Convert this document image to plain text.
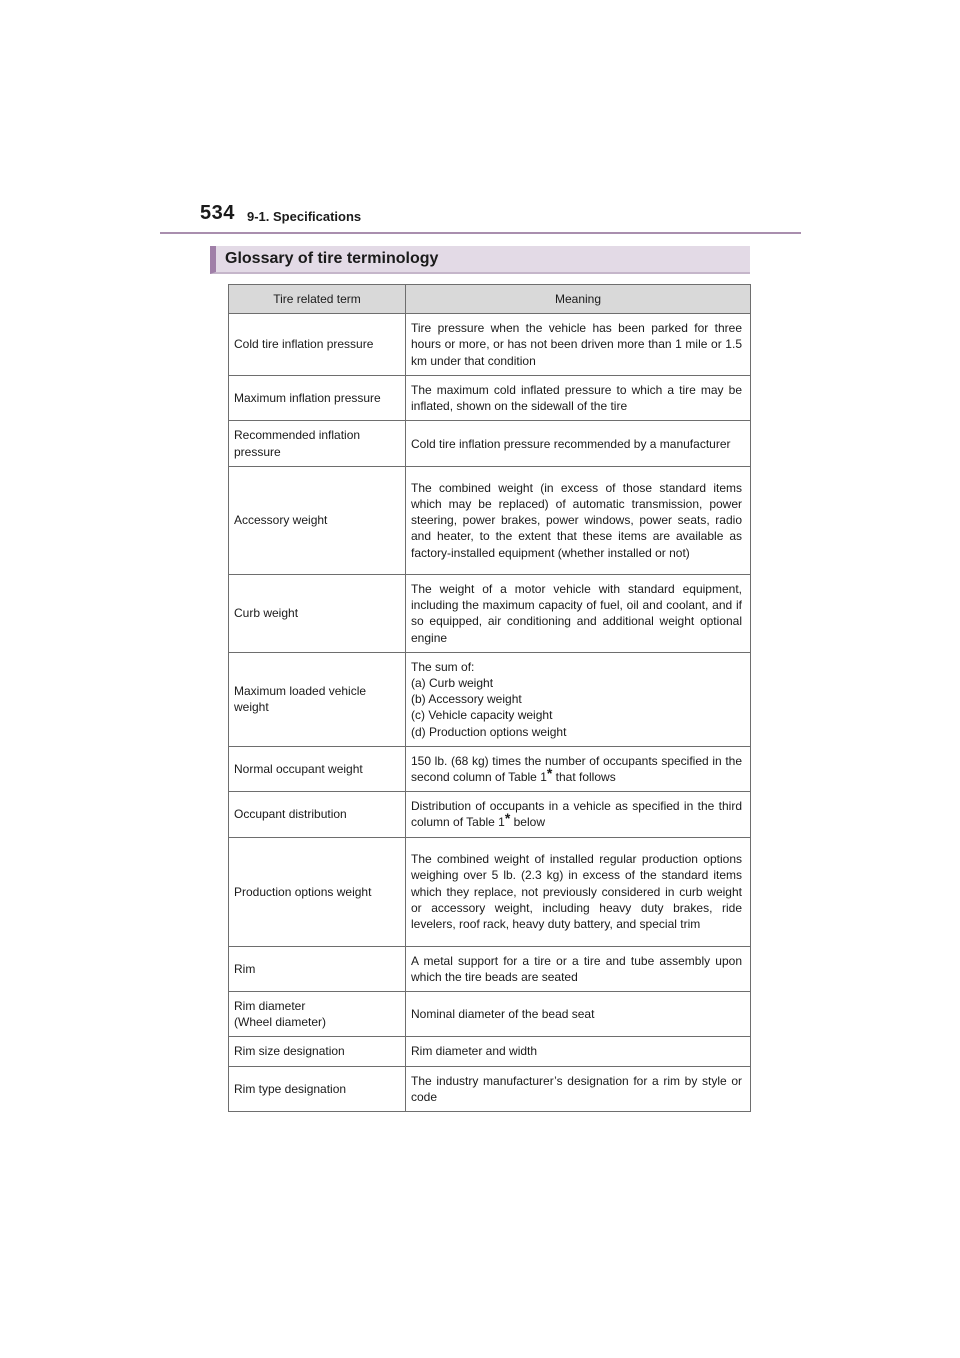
534 9-1. Specifications
Glossary of tire terminology
Tire related term	Meaning
Cold tire inflation pressure	Tire pressure when the vehicle has been parked for three hours or more, or has not been driven more than 1 mile or 1.5 km under that condition
Maximum inflation pressure	The maximum cold inflated pressure to which a tire may be inflated, shown on the sidewall of the tire
Recommended inflation pressure	Cold tire inflation pressure recommended by a manufacturer
Accessory weight	The combined weight (in excess of those standard items which may be replaced) of automatic transmission, power steering, power brakes, power windows, power seats, radio and heater, to the extent that these items are available as factory-installed equipment (whether installed or not)
Curb weight	The weight of a motor vehicle with standard equipment, including the maximum capacity of fuel, oil and coolant, and if so equipped, air conditioning and additional weight optional engine
Maximum loaded vehicle weight	The sum of:
(a) Curb weight
(b) Accessory weight
(c) Vehicle capacity weight
(d) Production options weight
Normal occupant weight	150 lb. (68 kg) times the number of occupants specified in the second column of Table 1* that follows
Occupant distribution	Distribution of occupants in a vehicle as specified in the third column of Table 1* below
Production options weight	The combined weight of installed regular production options weighing over 5 lb. (2.3 kg) in excess of the standard items which they replace, not previously considered in curb weight or accessory weight, including heavy duty brakes, ride levelers, roof rack, heavy duty battery, and special trim
Rim	A metal support for a tire or a tire and tube assembly upon which the tire beads are seated

Rim diameter
(Wheel diameter)	Nominal diameter of the bead seat
Rim size designation	Rim diameter and width
Rim type designation	The industry manufacturer’s designation for a rim by style or code
